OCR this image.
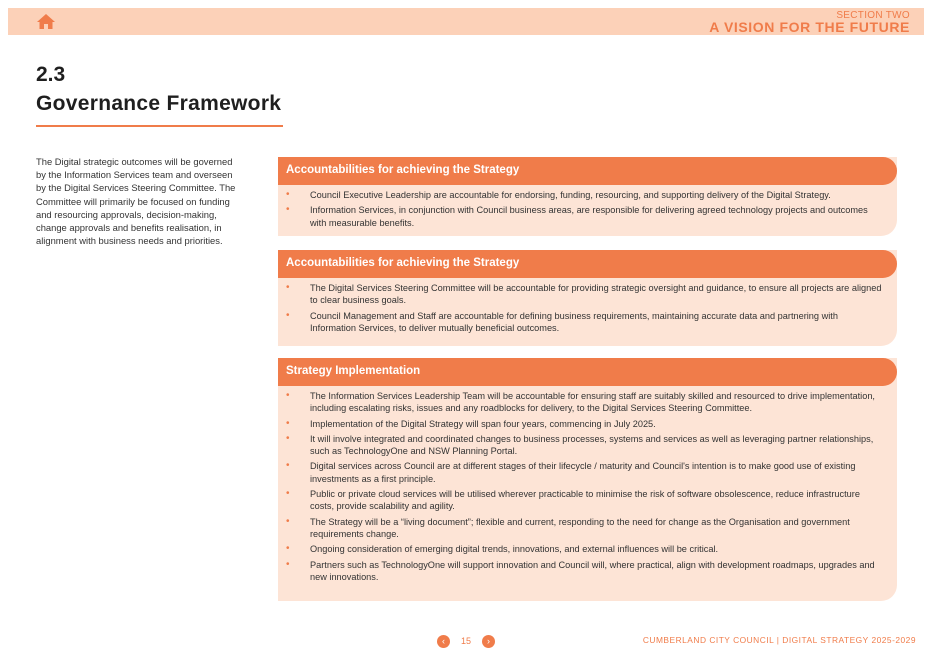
SECTION TWO
A VISION FOR THE FUTURE
2.3
Governance Framework

The Digital strategic outcomes will be governed by the Information Services team and overseen by the Digital Services Steering Committee. The Committee will primarily be focused on funding and resourcing approvals, decision-making, change approvals and benefits realisation, in alignment with business needs and priorities.

Accountabilities for achieving the Strategy
• Council Executive Leadership are accountable for endorsing, funding, resourcing, and supporting delivery of the Digital Strategy.
• Information Services, in conjunction with Council business areas, are responsible for delivering agreed technology projects and outcomes with measurable benefits.
Accountabilities for achieving the Strategy
• The Digital Services Steering Committee will be accountable for providing strategic oversight and guidance, to ensure all projects are aligned to clear business goals.
• Council Management and Staff are accountable for defining business requirements, maintaining accurate data and partnering with Information Services, to deliver mutually beneficial outcomes.
Strategy Implementation
• The Information Services Leadership Team will be accountable for ensuring staff are suitably skilled and resourced to drive implementation, including escalating risks, issues and any roadblocks for delivery, to the Digital Services Steering Committee.
• Implementation of the Digital Strategy will span four years, commencing in July 2025.
• It will involve integrated and coordinated changes to business processes, systems and services as well as leveraging partner relationships, such as TechnologyOne and NSW Planning Portal.
• Digital services across Council are at different stages of their lifecycle / maturity and Council's intention is to make good use of existing investments as a first principle.
• Public or private cloud services will be utilised wherever practicable to minimise the risk of software obsolescence, reduce infrastructure costs, provide scalability and agility.
• The Strategy will be a “living document”; flexible and current, responding to the need for change as the Organisation and government requirements change.
• Ongoing consideration of emerging digital trends, innovations, and external influences will be critical.
• Partners such as TechnologyOne will support innovation and Council will, where practical, align with development roadmaps, upgrades and new innovations.
‹	15	›	CUMBERLAND CITY COUNCIL | DIGITAL STRATEGY 2025-2029
